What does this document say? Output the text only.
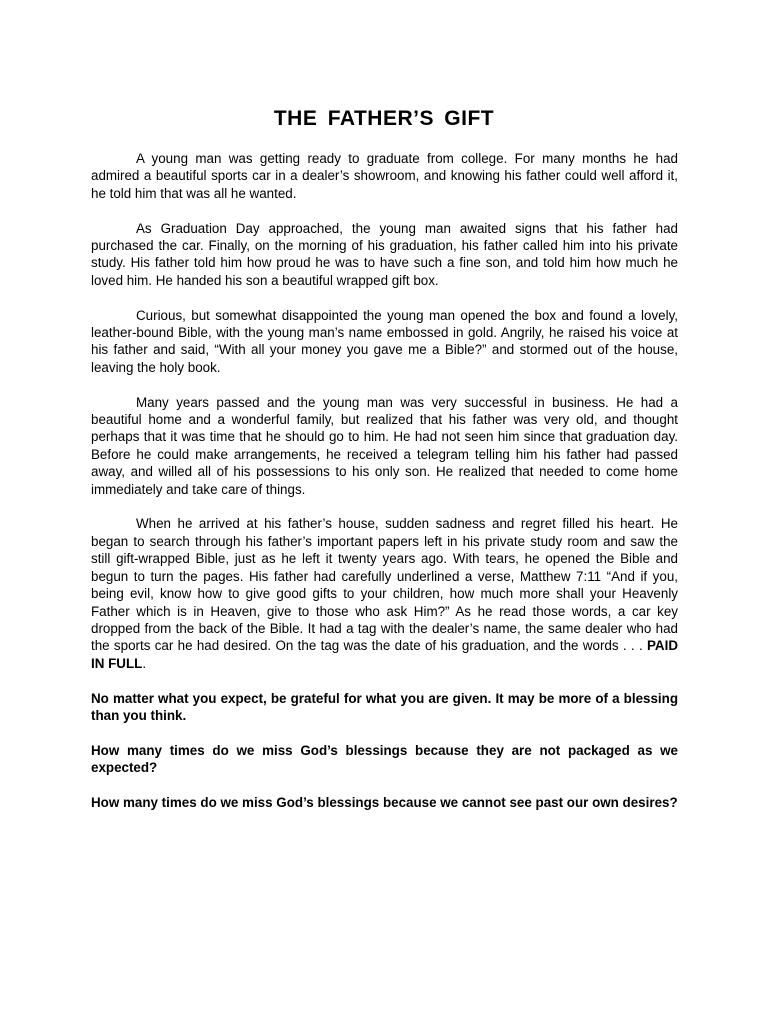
THE FATHER’S GIFT

A young man was getting ready to graduate from college. For many months he had admired a beautiful sports car in a dealer’s showroom, and knowing his father could well afford it, he told him that was all he wanted.

As Graduation Day approached, the young man awaited signs that his father had purchased the car. Finally, on the morning of his graduation, his father called him into his private study. His father told him how proud he was to have such a fine son, and told him how much he loved him. He handed his son a beautiful wrapped gift box.

Curious, but somewhat disappointed the young man opened the box and found a lovely, leather-bound Bible, with the young man’s name embossed in gold. Angrily, he raised his voice at his father and said, “With all your money you gave me a Bible?” and stormed out of the house, leaving the holy book.

Many years passed and the young man was very successful in business. He had a beautiful home and a wonderful family, but realized that his father was very old, and thought perhaps that it was time that he should go to him. He had not seen him since that graduation day. Before he could make arrangements, he received a telegram telling him his father had passed away, and willed all of his possessions to his only son. He realized that needed to come home immediately and take care of things.

When he arrived at his father’s house, sudden sadness and regret filled his heart. He began to search through his father’s important papers left in his private study room and saw the still gift-wrapped Bible, just as he left it twenty years ago. With tears, he opened the Bible and begun to turn the pages. His father had carefully underlined a verse, Matthew 7:11 “And if you, being evil, know how to give good gifts to your children, how much more shall your Heavenly Father which is in Heaven, give to those who ask Him?” As he read those words, a car key dropped from the back of the Bible. It had a tag with the dealer’s name, the same dealer who had the sports car he had desired. On the tag was the date of his graduation, and the words . . . PAID IN FULL.

No matter what you expect, be grateful for what you are given. It may be more of a blessing than you think.

How many times do we miss God’s blessings because they are not packaged as we expected?

How many times do we miss God’s blessings because we cannot see past our own desires?
